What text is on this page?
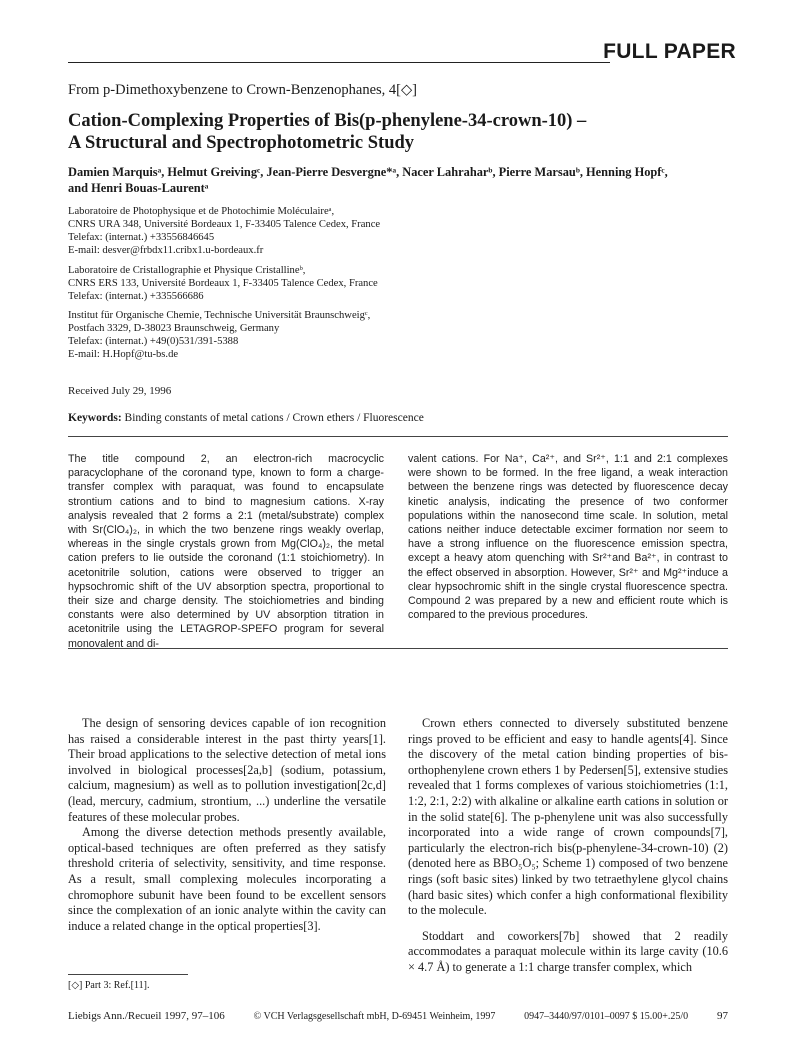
FULL PAPER
From p-Dimethoxybenzene to Crown-Benzenophanes, 4[◇]
Cation-Complexing Properties of Bis(p-phenylene-34-crown-10) –
A Structural and Spectrophotometric Study
Damien Marquisᵃ, Helmut Greivingᶜ, Jean-Pierre Desvergne*ᵃ, Nacer Lahraharᵇ, Pierre Marsauᵇ, Henning Hopfᶜ,
and Henri Bouas-Laurentᵃ
Laboratoire de Photophysique et de Photochimie Moléculaireᵃ,
CNRS URA 348, Université Bordeaux 1, F-33405 Talence Cedex, France
Telefax: (internat.) +33556846645
E-mail: desver@frbdx11.cribx1.u-bordeaux.fr
Laboratoire de Cristallographie et Physique Cristallineᵇ,
CNRS ERS 133, Université Bordeaux 1, F-33405 Talence Cedex, France
Telefax: (internat.) +335566686
Institut für Organische Chemie, Technische Universität Braunschweigᶜ,
Postfach 3329, D-38023 Braunschweig, Germany
Telefax: (internat.) +49(0)531/391-5388
E-mail: H.Hopf@tu-bs.de
Received July 29, 1996
Keywords: Binding constants of metal cations / Crown ethers / Fluorescence
The title compound 2, an electron-rich macrocyclic paracyclophane of the coronand type, known to form a charge-transfer complex with paraquat, was found to encapsulate strontium cations and to bind to magnesium cations. X-ray analysis revealed that 2 forms a 2:1 (metal/substrate) complex with Sr(ClO₄)₂, in which the two benzene rings weakly overlap, whereas in the single crystals grown from Mg(ClO₄)₂, the metal cation prefers to lie outside the coronand (1:1 stoichiometry). In acetonitrile solution, cations were observed to trigger an hypsochromic shift of the UV absorption spectra, proportional to their size and charge density. The stoichiometries and binding constants were also determined by UV absorption titration in acetonitrile using the LETAGROP-SPEFO program for several monovalent and di-
valent cations. For Na⁺, Ca²⁺, and Sr²⁺, 1:1 and 2:1 complexes were shown to be formed. In the free ligand, a weak interaction between the benzene rings was detected by fluorescence decay kinetic analysis, indicating the presence of two conformer populations within the nanosecond time scale. In solution, metal cations neither induce detectable excimer formation nor seem to have a strong influence on the fluorescence emission spectra, except a heavy atom quenching with Sr²⁺and Ba²⁺, in contrast to the effect observed in absorption. However, Sr²⁺ and Mg²⁺induce a clear hypsochromic shift in the single crystal fluorescence spectra. Compound 2 was prepared by a new and efficient route which is compared to the previous procedures.

The design of sensoring devices capable of ion recognition has raised a considerable interest in the past thirty years[1]. Their broad applications to the selective detection of metal ions involved in biological processes[2a,b] (sodium, potassium, calcium, magnesium) as well as to pollution investigation[2c,d] (lead, mercury, cadmium, strontium, ...) underline the versatile features of these molecular probes.

Among the diverse detection methods presently available, optical-based techniques are often preferred as they satisfy threshold criteria of selectivity, sensitivity, and time response. As a result, small complexing molecules incorporating a chromophore subunit have been found to be excellent sensors since the complexation of an ionic analyte within the cavity can induce a related change in the optical properties[3].

Crown ethers connected to diversely substituted benzene rings proved to be efficient and easy to handle agents[4]. Since the discovery of the metal cation binding properties of bis-orthophenylene crown ethers 1 by Pedersen[5], extensive studies revealed that 1 forms complexes of various stoichiometries (1:1, 1:2, 2:1, 2:2) with alkaline or alkaline earth cations in solution or in the solid state[6]. The p-phenylene unit was also successfully incorporated into a wide range of crown compounds[7], particularly the electron-rich bis(p-phenylene-34-crown-10) (2) (denoted here as BBO₅O₅; Scheme 1) composed of two benzene rings (soft basic sites) linked by two tetraethylene glycol chains (hard basic sites) which confer a high conformational flexibility to the molecule.

Stoddart and coworkers[7b] showed that 2 readily accommodates a paraquat molecule within its large cavity (10.6 × 4.7 Å) to generate a 1:1 charge transfer complex, which

[◇] Part 3: Ref.[11].
Liebigs Ann./Recueil 1997, 97–106	© VCH Verlagsgesellschaft mbH, D-69451 Weinheim, 1997	0947–3440/97/0101–0097 $ 15.00+.25/0	97
